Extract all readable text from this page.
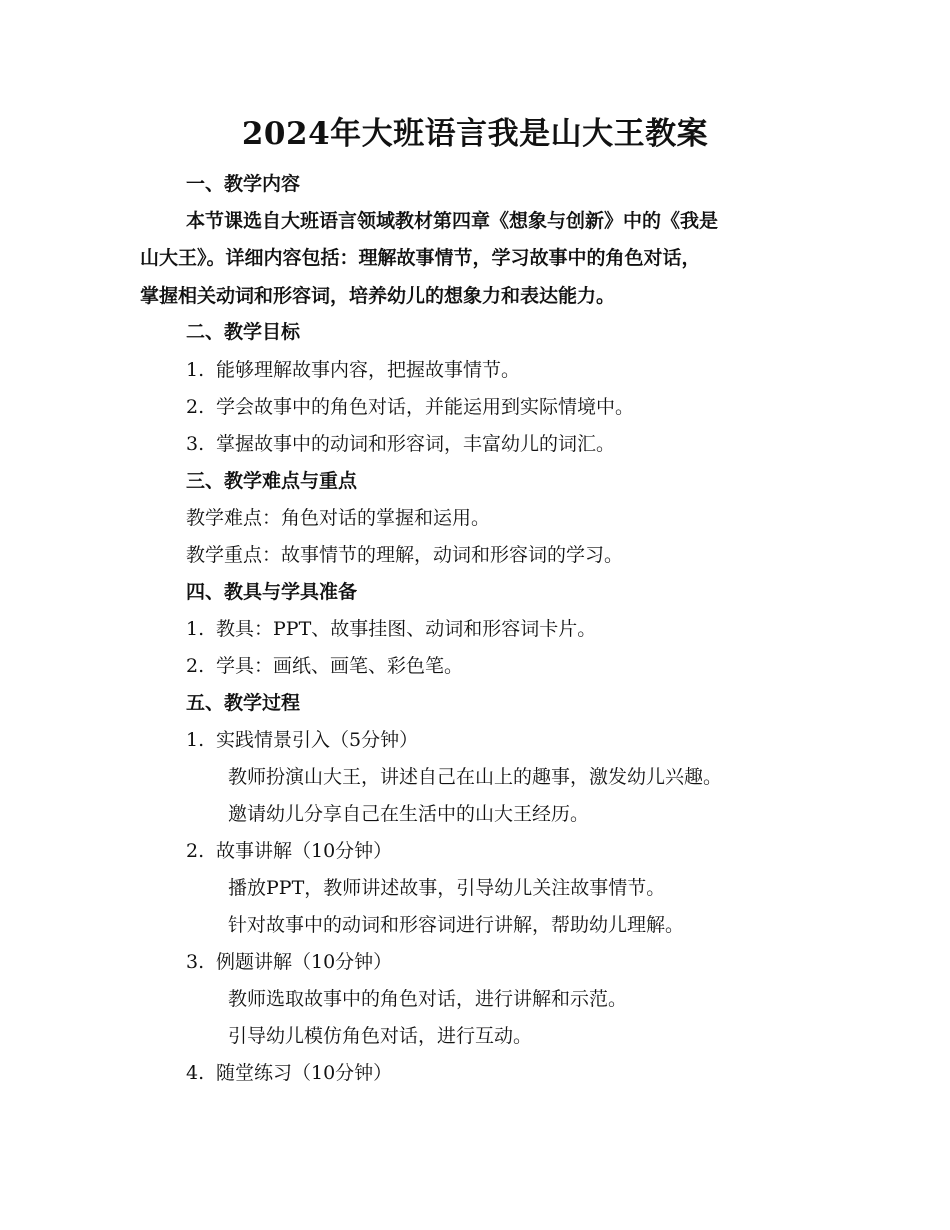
2024年大班语言我是山大王教案
一、教学内容
本节课选自大班语言领域教材第四章《想象与创新》中的《我是
山大王》。详细内容包括：理解故事情节，学习故事中的角色对话，
掌握相关动词和形容词，培养幼儿的想象力和表达能力。
二、教学目标
1. 能够理解故事内容，把握故事情节。
2. 学会故事中的角色对话，并能运用到实际情境中。
3. 掌握故事中的动词和形容词，丰富幼儿的词汇。
三、教学难点与重点
教学难点：角色对话的掌握和运用。
教学重点：故事情节的理解，动词和形容词的学习。
四、教具与学具准备
1. 教具：PPT、故事挂图、动词和形容词卡片。
2. 学具：画纸、画笔、彩色笔。
五、教学过程
1. 实践情景引入（5分钟）
教师扮演山大王，讲述自己在山上的趣事，激发幼儿兴趣。
邀请幼儿分享自己在生活中的山大王经历。
2. 故事讲解（10分钟）
播放PPT，教师讲述故事，引导幼儿关注故事情节。
针对故事中的动词和形容词进行讲解，帮助幼儿理解。
3. 例题讲解（10分钟）
教师选取故事中的角色对话，进行讲解和示范。
引导幼儿模仿角色对话，进行互动。
4. 随堂练习（10分钟）
